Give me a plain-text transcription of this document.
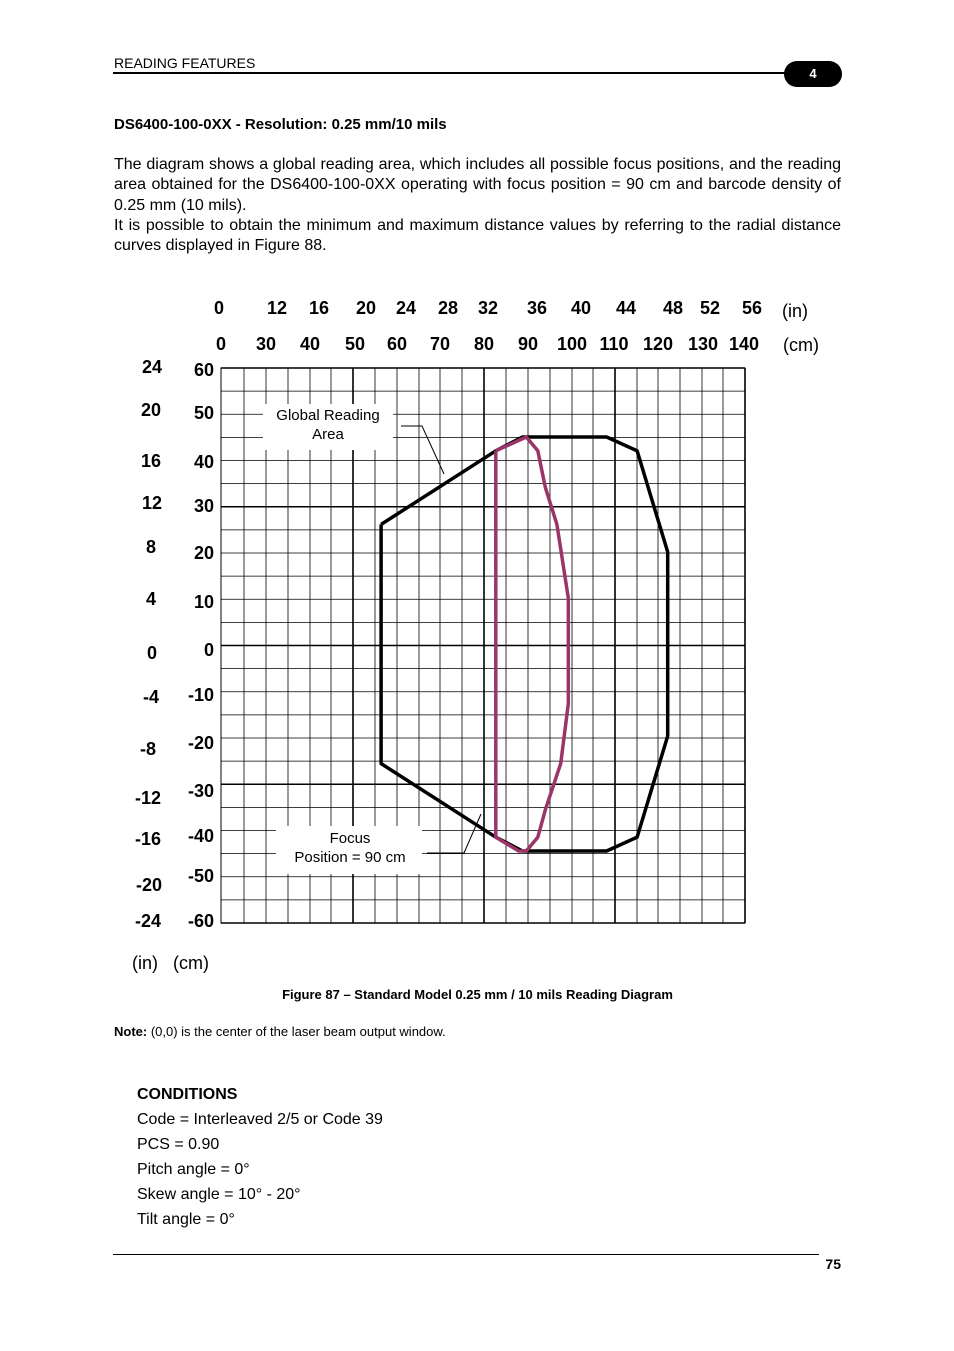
READING FEATURES
4
DS6400-100-0XX - Resolution: 0.25 mm/10 mils
The diagram shows a global reading area, which includes all possible focus positions, and the reading area obtained for the DS6400-100-0XX operating with focus position = 90 cm and barcode density of 0.25 mm (10 mils).
It is possible to obtain the minimum and maximum distance values by referring to the radial distance curves displayed in Figure 88.
0 12 16 20 24 28 32 36 40 44 48 52 56
0 30 40 50 60 70 80 90 100 110 120 130 140
(in)
(cm)
24
20
16
12
8
4
0
-4
-8
-12
-16
-20
-24
60
50
40
30
20
10
0
-10
-20
-30
-40
-50
-60
(in) (cm)
Global Reading
Area
Focus
Position = 90 cm
Figure 87 – Standard Model 0.25 mm / 10 mils Reading Diagram
Note: (0,0) is the center of the laser beam output window.
CONDITIONS
Code = Interleaved 2/5 or Code 39
PCS = 0.90
Pitch angle = 0°
Skew angle = 10° - 20°
Tilt angle = 0°
75
